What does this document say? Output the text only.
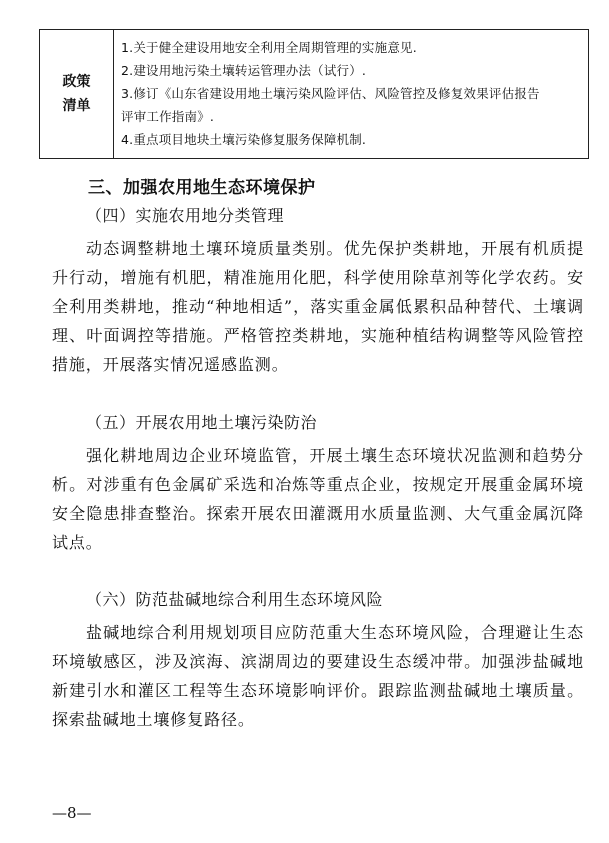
政策
清单
1.关于健全建设用地安全利用全周期管理的实施意见.
2.建设用地污染土壤转运管理办法（试行）.
3.修订《山东省建设用地土壤污染风险评估、风险管控及修复效果评估报告
评审工作指南》.
4.重点项目地块土壤污染修复服务保障机制.
三、加强农用地生态环境保护
（四）实施农用地分类管理
动态调整耕地土壤环境质量类别。优先保护类耕地，开展有机质提升行动，增施有机肥，精准施用化肥，科学使用除草剂等化学农药。安全利用类耕地，推动“种地相适”，落实重金属低累积品种替代、土壤调理、叶面调控等措施。严格管控类耕地，实施种植结构调整等风险管控措施，开展落实情况遥感监测。
（五）开展农用地土壤污染防治
强化耕地周边企业环境监管，开展土壤生态环境状况监测和趋势分析。对涉重有色金属矿采选和冶炼等重点企业，按规定开展重金属环境安全隐患排查整治。探索开展农田灌溉用水质量监测、大气重金属沉降试点。
（六）防范盐碱地综合利用生态环境风险
盐碱地综合利用规划项目应防范重大生态环境风险，合理避让生态环境敏感区，涉及滨海、滨湖周边的要建设生态缓冲带。加强涉盐碱地新建引水和灌区工程等生态环境影响评价。跟踪监测盐碱地土壤质量。探索盐碱地土壤修复路径。
—8—
